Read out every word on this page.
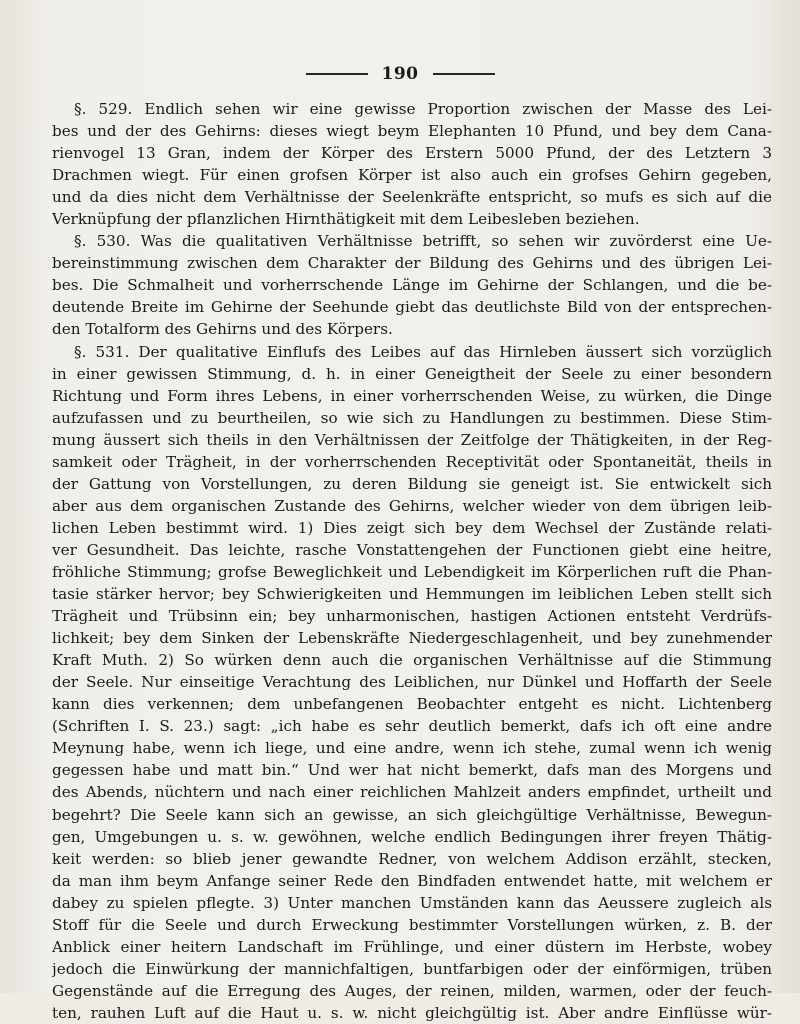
190
§. 529. Endlich sehen wir eine gewisse Proportion zwischen der Masse des Lei-
bes und der des Gehirns: dieses wiegt beym Elephanten 10 Pfund, und bey dem Cana-
rienvogel 13 Gran, indem der Körper des Erstern 5000 Pfund, der des Letztern 3
Drachmen wiegt. Für einen grofsen Körper ist also auch ein grofses Gehirn gegeben,
und da dies nicht dem Verhältnisse der Seelenkräfte entspricht, so mufs es sich auf die
Verknüpfung der pflanzlichen Hirnthätigkeit mit dem Leibesleben beziehen.
§. 530. Was die qualitativen Verhältnisse betrifft, so sehen wir zuvörderst eine Ue-
bereinstimmung zwischen dem Charakter der Bildung des Gehirns und des übrigen Lei-
bes. Die Schmalheit und vorherrschende Länge im Gehirne der Schlangen, und die be-
deutende Breite im Gehirne der Seehunde giebt das deutlichste Bild von der entsprechen-
den Totalform des Gehirns und des Körpers.
§. 531. Der qualitative Einflufs des Leibes auf das Hirnleben äussert sich vorzüglich
in einer gewissen Stimmung, d. h. in einer Geneigtheit der Seele zu einer besondern
Richtung und Form ihres Lebens, in einer vorherrschenden Weise, zu würken, die Dinge
aufzufassen und zu beurtheilen, so wie sich zu Handlungen zu bestimmen. Diese Stim-
mung äussert sich theils in den Verhältnissen der Zeitfolge der Thätigkeiten, in der Reg-
samkeit oder Trägheit, in der vorherrschenden Receptivität oder Spontaneität, theils in
der Gattung von Vorstellungen, zu deren Bildung sie geneigt ist. Sie entwickelt sich
aber aus dem organischen Zustande des Gehirns, welcher wieder von dem übrigen leib-
lichen Leben bestimmt wird. 1) Dies zeigt sich bey dem Wechsel der Zustände relati-
ver Gesundheit. Das leichte, rasche Vonstattengehen der Functionen giebt eine heitre,
fröhliche Stimmung; grofse Beweglichkeit und Lebendigkeit im Körperlichen ruft die Phan-
tasie stärker hervor; bey Schwierigkeiten und Hemmungen im leiblichen Leben stellt sich
Trägheit und Trübsinn ein; bey unharmonischen, hastigen Actionen entsteht Verdrüfs-
lichkeit; bey dem Sinken der Lebenskräfte Niedergeschlagenheit, und bey zunehmender
Kraft Muth. 2) So würken denn auch die organischen Verhältnisse auf die Stimmung
der Seele. Nur einseitige Verachtung des Leiblichen, nur Dünkel und Hoffarth der Seele
kann dies verkennen; dem unbefangenen Beobachter entgeht es nicht. Lichtenberg
(Schriften I. S. 23.) sagt: „ich habe es sehr deutlich bemerkt, dafs ich oft eine andre
Meynung habe, wenn ich liege, und eine andre, wenn ich stehe, zumal wenn ich wenig
gegessen habe und matt bin.“ Und wer hat nicht bemerkt, dafs man des Morgens und
des Abends, nüchtern und nach einer reichlichen Mahlzeit anders empfindet, urtheilt und
begehrt? Die Seele kann sich an gewisse, an sich gleichgültige Verhältnisse, Bewegun-
gen, Umgebungen u. s. w. gewöhnen, welche endlich Bedingungen ihrer freyen Thätig-
keit werden: so blieb jener gewandte Redner, von welchem Addison erzählt, stecken,
da man ihm beym Anfange seiner Rede den Bindfaden entwendet hatte, mit welchem er
dabey zu spielen pflegte. 3) Unter manchen Umständen kann das Aeussere zugleich als
Stoff für die Seele und durch Erweckung bestimmter Vorstellungen würken, z. B. der
Anblick einer heitern Landschaft im Frühlinge, und einer düstern im Herbste, wobey
jedoch die Einwürkung der mannichfaltigen, buntfarbigen oder der einförmigen, trüben
Gegenstände auf die Erregung des Auges, der reinen, milden, warmen, oder der feuch-
ten, rauhen Luft auf die Haut u. s. w. nicht gleichgültig ist. Aber andre Einflüsse wür-
